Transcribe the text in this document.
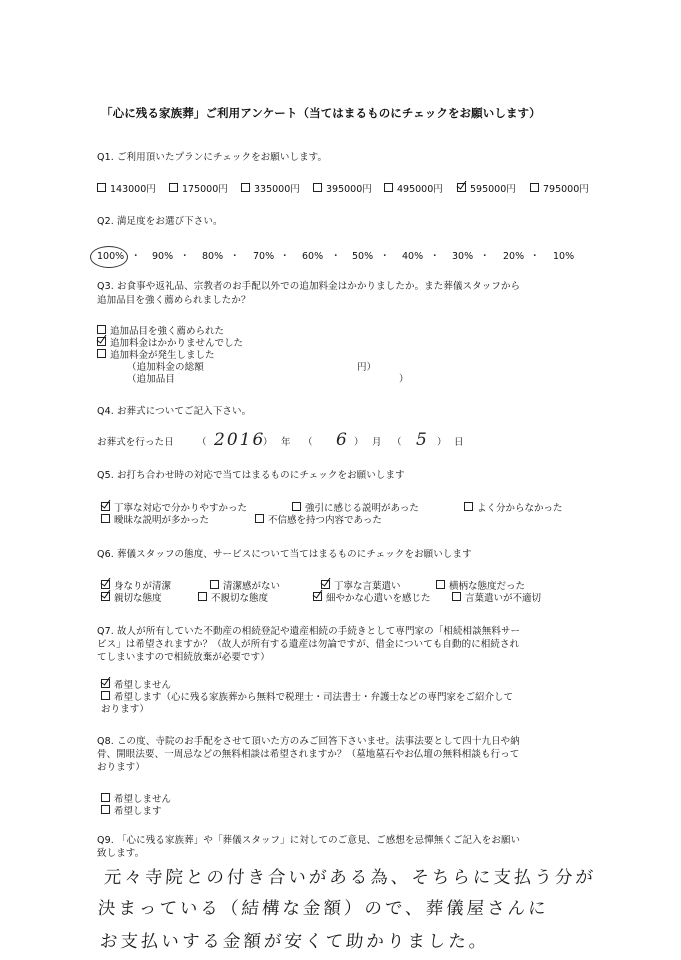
「心に残る家族葬」ご利用アンケート（当てはまるものにチェックをお願いします）
Q1. ご利用頂いたプランにチェックをお願いします。
143000円	175000円	335000円	395000円	495000円	595000円	795000円
Q2. 満足度をお選び下さい。
100% ・ 90% ・ 80% ・ 70% ・ 60% ・ 50% ・ 40% ・ 30% ・ 20% ・ 10%
Q3. お食事や返礼品、宗教者のお手配以外での追加料金はかかりましたか。また葬儀スタッフから
追加品目を強く薦められましたか？
追加品目を強く薦められた
追加料金はかかりませんでした
追加料金が発生しました
（追加料金の総額	円）
（追加品目	）
Q4. お葬式についてご記入下さい。
お葬式を行った日 （ 2016
） 年 （ 6 ） 月 （ 5 ） 日
Q5. お打ち合わせ時の対応で当てはまるものにチェックをお願いします
丁寧な対応で分かりやすかった	強引に感じる説明があった	よく分からなかった
曖昧な説明が多かった	不信感を持つ内容であった
Q6. 葬儀スタッフの態度、サービスについて当てはまるものにチェックをお願いします
身なりが清潔	清潔感がない	丁寧な言葉遣い	横柄な態度だった
親切な態度	不親切な態度	細やかな心遣いを感じた	言葉遣いが不適切
Q7. 故人が所有していた不動産の相続登記や遺産相続の手続きとして専門家の「相続相談無料サー
ビス」は希望されますか？（故人が所有する遺産は勿論ですが、借金についても自動的に相続され
てしまいますので相続放棄が必要です）
希望しません
希望します（心に残る家族葬から無料で税理士・司法書士・弁護士などの専門家をご紹介して
おります）
Q8. この度、寺院のお手配をさせて頂いた方のみご回答下さいませ。法事法要として四十九日や納
骨、開眼法要、一周忌などの無料相談は希望されますか？（墓地墓石やお仏壇の無料相談も行って
おります）
希望しません
希望します
Q9. 「心に残る家族葬」や「葬儀スタッフ」に対してのご意見、ご感想を忌憚無くご記入をお願い
致します。
元々寺院との付き合いがある為、そちらに支払う分が
決まっている（結構な金額）ので、葬儀屋さんに
お支払いする金額が安くて助かりました。
